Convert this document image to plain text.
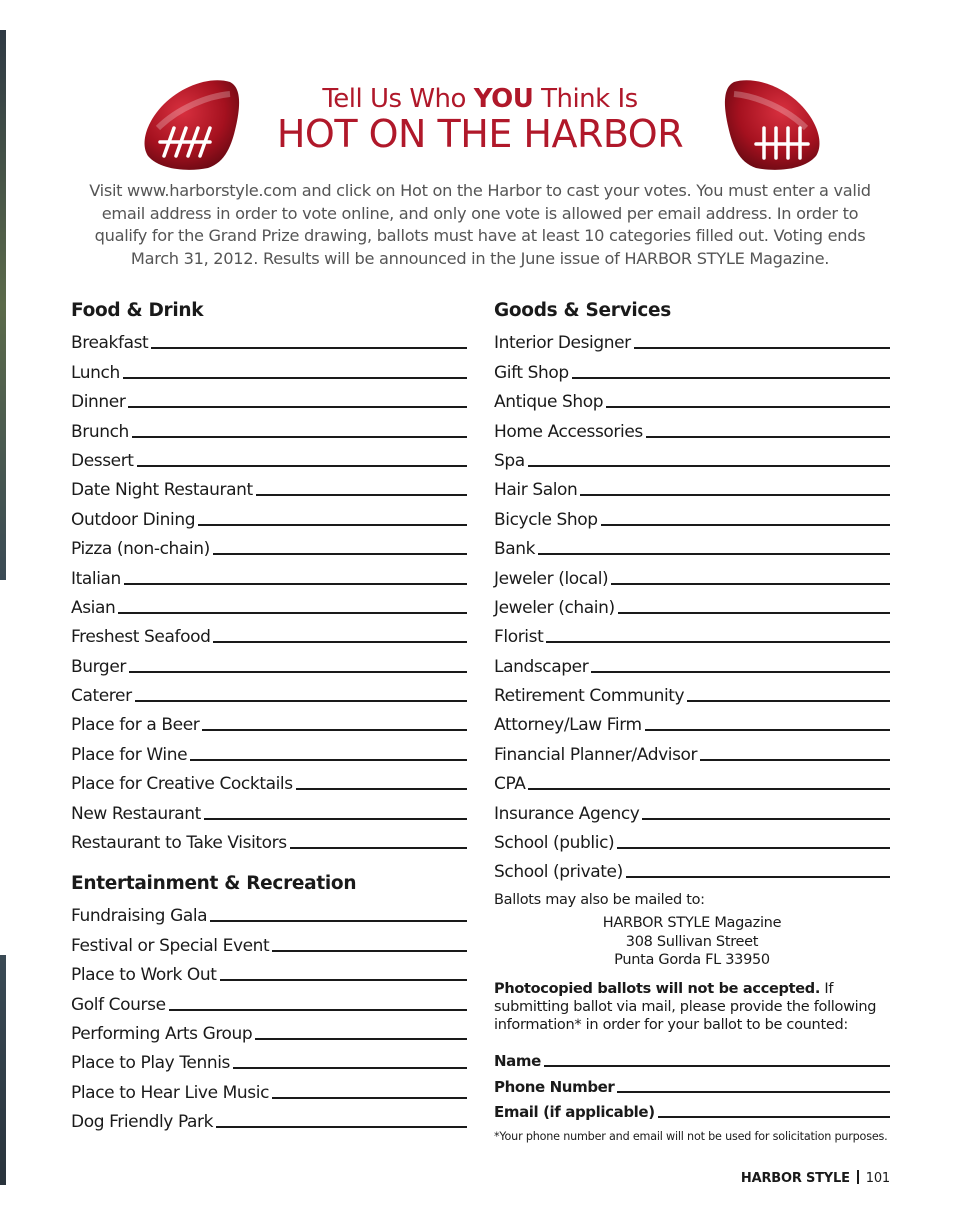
Tell Us Who YOU Think Is
HOT ON THE HARBOR
Visit www.harborstyle.com and click on Hot on the Harbor to cast your votes. You must enter a valid email address in order to vote online, and only one vote is allowed per email address. In order to qualify for the Grand Prize drawing, ballots must have at least 10 categories filled out. Voting ends March 31, 2012. Results will be announced in the June issue of HARBOR STYLE Magazine.
Food & Drink
Breakfast
Lunch
Dinner
Brunch
Dessert
Date Night Restaurant
Outdoor Dining
Pizza (non-chain)
Italian
Asian
Freshest Seafood
Burger
Caterer
Place for a Beer
Place for Wine
Place for Creative Cocktails
New Restaurant
Restaurant to Take Visitors
Entertainment & Recreation
Fundraising Gala
Festival or Special Event
Place to Work Out
Golf Course
Performing Arts Group
Place to Play Tennis
Place to Hear Live Music
Dog Friendly Park
Goods & Services
Interior Designer
Gift Shop
Antique Shop
Home Accessories
Spa
Hair Salon
Bicycle Shop
Bank
Jeweler (local)
Jeweler (chain)
Florist
Landscaper
Retirement Community
Attorney/Law Firm
Financial Planner/Advisor
CPA
Insurance Agency
School (public)
School (private)
Ballots may also be mailed to:
HARBOR STYLE Magazine
308 Sullivan Street
Punta Gorda FL 33950
Photocopied ballots will not be accepted. If submitting ballot via mail, please provide the following information* in order for your ballot to be counted:
Name
Phone Number
Email (if applicable)
*Your phone number and email will not be used for solicitation purposes.
HARBOR STYLE 101
